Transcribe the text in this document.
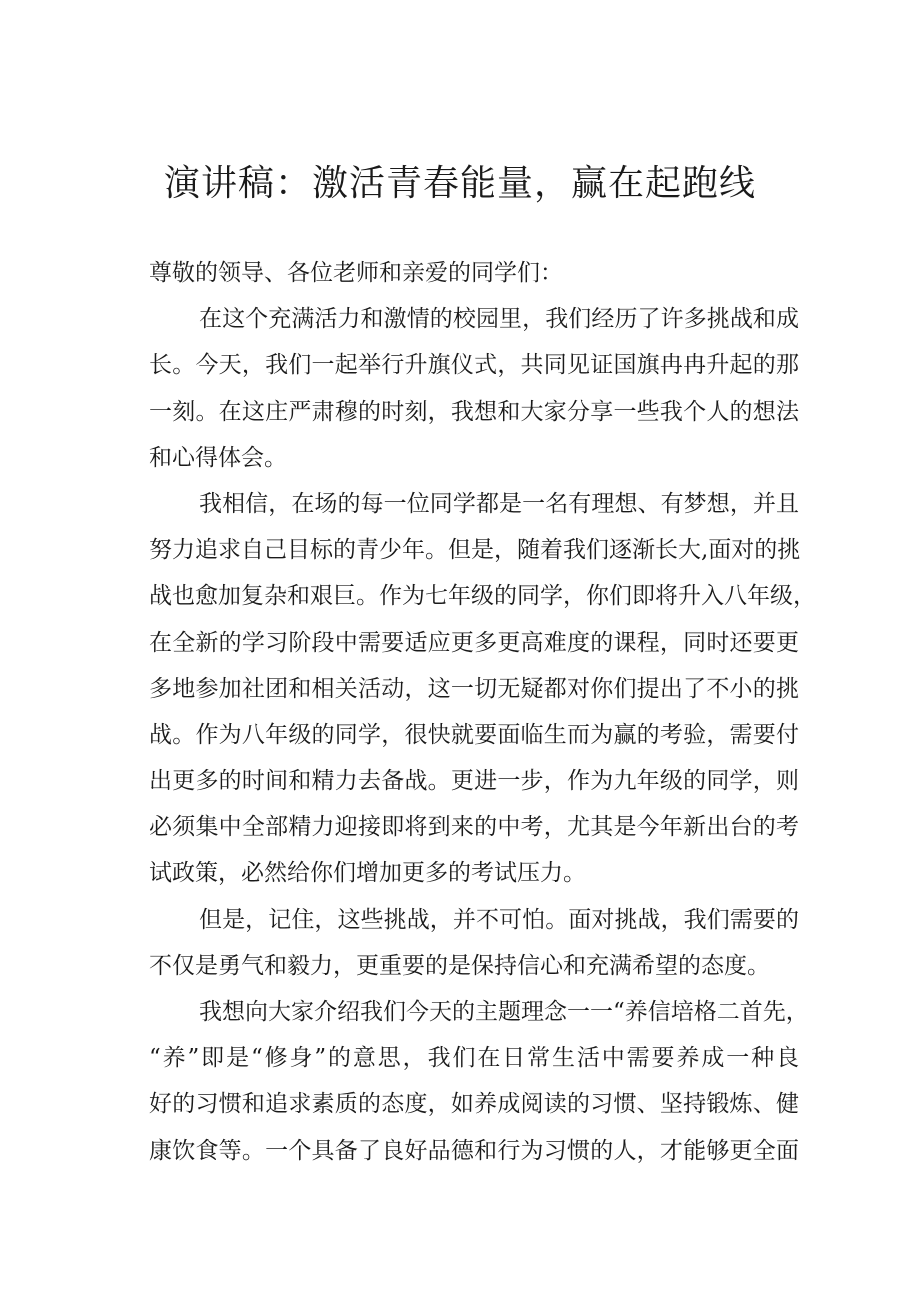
演讲稿：激活青春能量，赢在起跑线
尊敬的领导、各位老师和亲爱的同学们：
在这个充满活力和激情的校园里，我们经历了许多挑战和成
长。今天，我们一起举行升旗仪式，共同见证国旗冉冉升起的那
一刻。在这庄严肃穆的时刻，我想和大家分享一些我个人的想法
和心得体会。
我相信，在场的每一位同学都是一名有理想、有梦想，并且
努力追求自己目标的青少年。但是，随着我们逐渐长大,面对的挑
战也愈加复杂和艰巨。作为七年级的同学，你们即将升入八年级，
在全新的学习阶段中需要适应更多更高难度的课程，同时还要更
多地参加社团和相关活动，这一切无疑都对你们提出了不小的挑
战。作为八年级的同学，很快就要面临生而为赢的考验，需要付
出更多的时间和精力去备战。更进一步，作为九年级的同学，则
必须集中全部精力迎接即将到来的中考，尤其是今年新出台的考
试政策，必然给你们增加更多的考试压力。
但是，记住，这些挑战，并不可怕。面对挑战，我们需要的
不仅是勇气和毅力，更重要的是保持信心和充满希望的态度。
我想向大家介绍我们今天的主题理念一一“养信培格二首先，
“养”即是“修身”的意思，我们在日常生活中需要养成一种良
好的习惯和追求素质的态度，如养成阅读的习惯、坚持锻炼、健
康饮食等。一个具备了良好品德和行为习惯的人，才能够更全面
